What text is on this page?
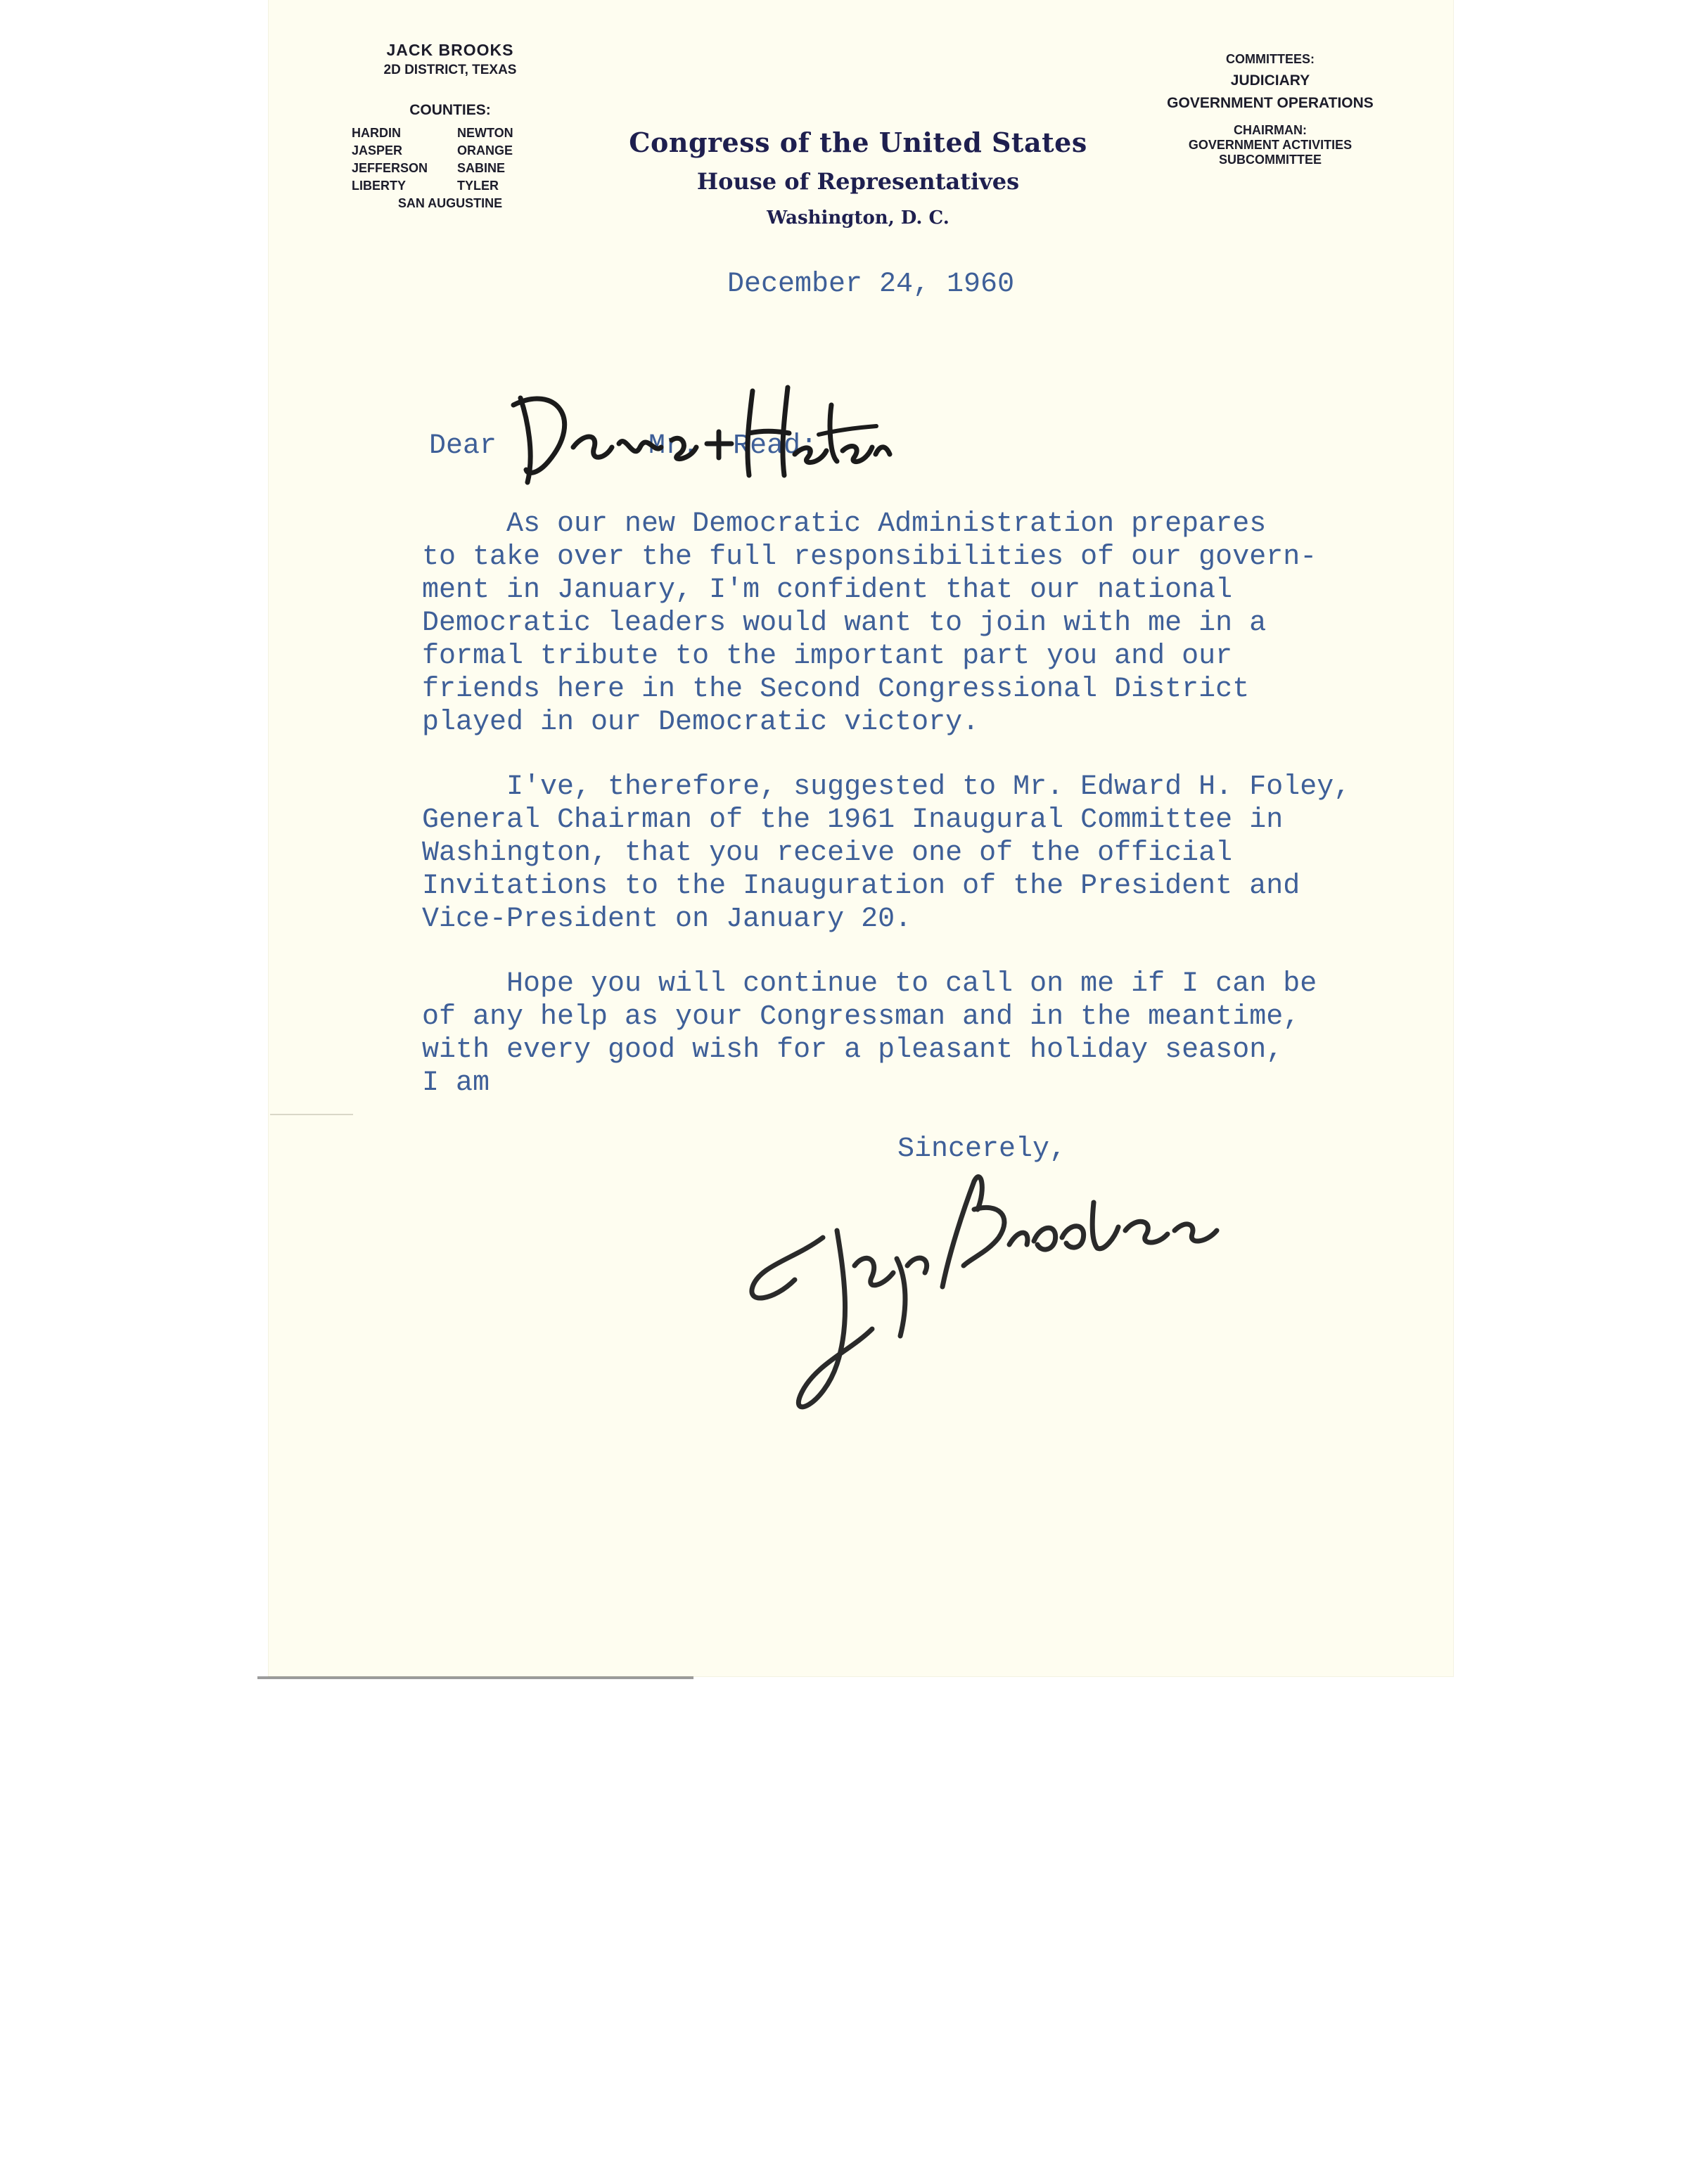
JACK BROOKS
2D DISTRICT, TEXAS
COUNTIES:
HARDIN	NEWTON
JASPER	ORANGE
JEFFERSON	SABINE
LIBERTY	TYLER
SAN AUGUSTINE
Congress of the United States
House of Representatives
Washington, D. C.
COMMITTEES:
JUDICIARY
GOVERNMENT OPERATIONS
CHAIRMAN:
GOVERNMENT ACTIVITIES
SUBCOMMITTEE
December 24, 1960
Dear         Mr.  Read:
As our new Democratic Administration prepares
to take over the full responsibilities of our govern-
ment in January, I'm confident that our national
Democratic leaders would want to join with me in a
formal tribute to the important part you and our
friends here in the Second Congressional District
played in our Democratic victory.
I've, therefore, suggested to Mr. Edward H. Foley,
General Chairman of the 1961 Inaugural Committee in
Washington, that you receive one of the official
Invitations to the Inauguration of the President and
Vice-President on January 20.
Hope you will continue to call on me if I can be
of any help as your Congressman and in the meantime,
with every good wish for a pleasant holiday season,
I am
Sincerely,
